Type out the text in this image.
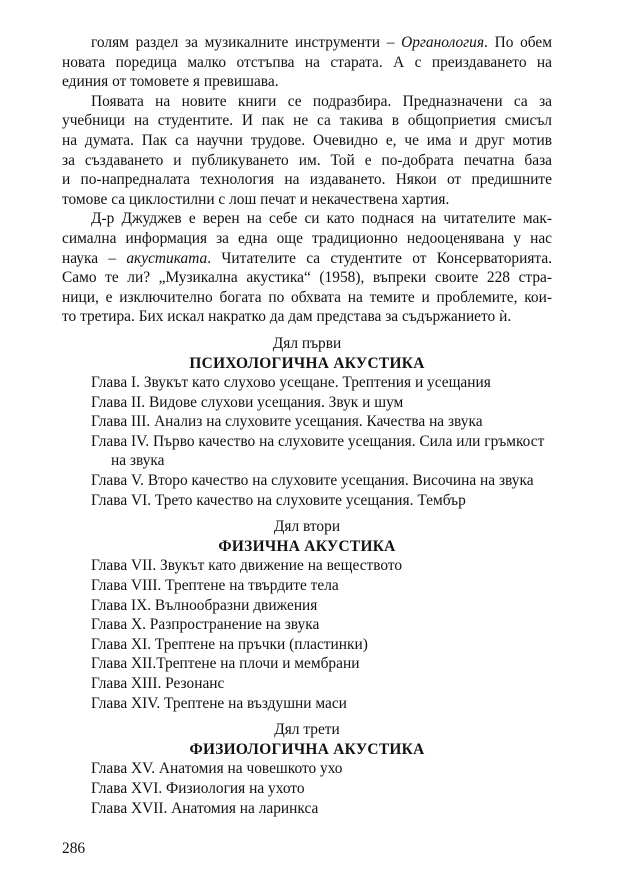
голям раздел за музикалните инструменти – Органология. По обем
новата поредица малко отстъпва на старата. А с преиздаването на
единия от томовете я превишава.

Появата на новите книги се подразбира. Предназначени са за
учебници на студентите. И пак не са такива в общоприетия смисъл
на думата. Пак са научни трудове. Очевидно е, че има и друг мотив
за създаването и публикуването им. Той е по-добрата печатна база
и по-напредналата технология на издаването. Някои от предишните
томове са циклостилни с лош печат и некачествена хартия.

Д-р Джуджев е верен на себе си като поднася на читателите мак-
симална информация за една още традиционно недооценявана у нас
наука – акустиката. Читателите са студентите от Консерваторията.
Само те ли? „Музикална акустика“ (1958), въпреки своите 228 стра-
ници, е изключително богата по обхвата на темите и проблемите, кои-
то третира. Бих искал накратко да дам представа за съдържанието ѝ.

Дял първи
ПСИХОЛОГИЧНА АКУСТИКА
Глава I. Звукът като слухово усещане. Трептения и усещания
Глава II. Видове слухови усещания. Звук и шум
Глава III. Анализ на слуховите усещания. Качества на звука
Глава IV. Първо качество на слуховите усещания. Сила или гръмкост
на звука
Глава V. Второ качество на слуховите усещания. Височина на звука
Глава VI. Трето качество на слуховите усещания. Тембър
Дял втори
ФИЗИЧНА АКУСТИКА
Глава VII. Звукът като движение на веществото
Глава VIII. Трептене на твърдите тела
Глава IX. Вълнообразни движения
Глава X. Разпространение на звука
Глава XI. Трептене на пръчки (пластинки)
Глава XII.Трептене на плочи и мембрани
Глава XIII. Резонанс
Глава XIV. Трептене на въздушни маси
Дял трети
ФИЗИОЛОГИЧНА АКУСТИКА
Глава XV. Анатомия на човешкото ухо
Глава XVI. Физиология на ухото
Глава XVII. Анатомия на ларинкса
286
